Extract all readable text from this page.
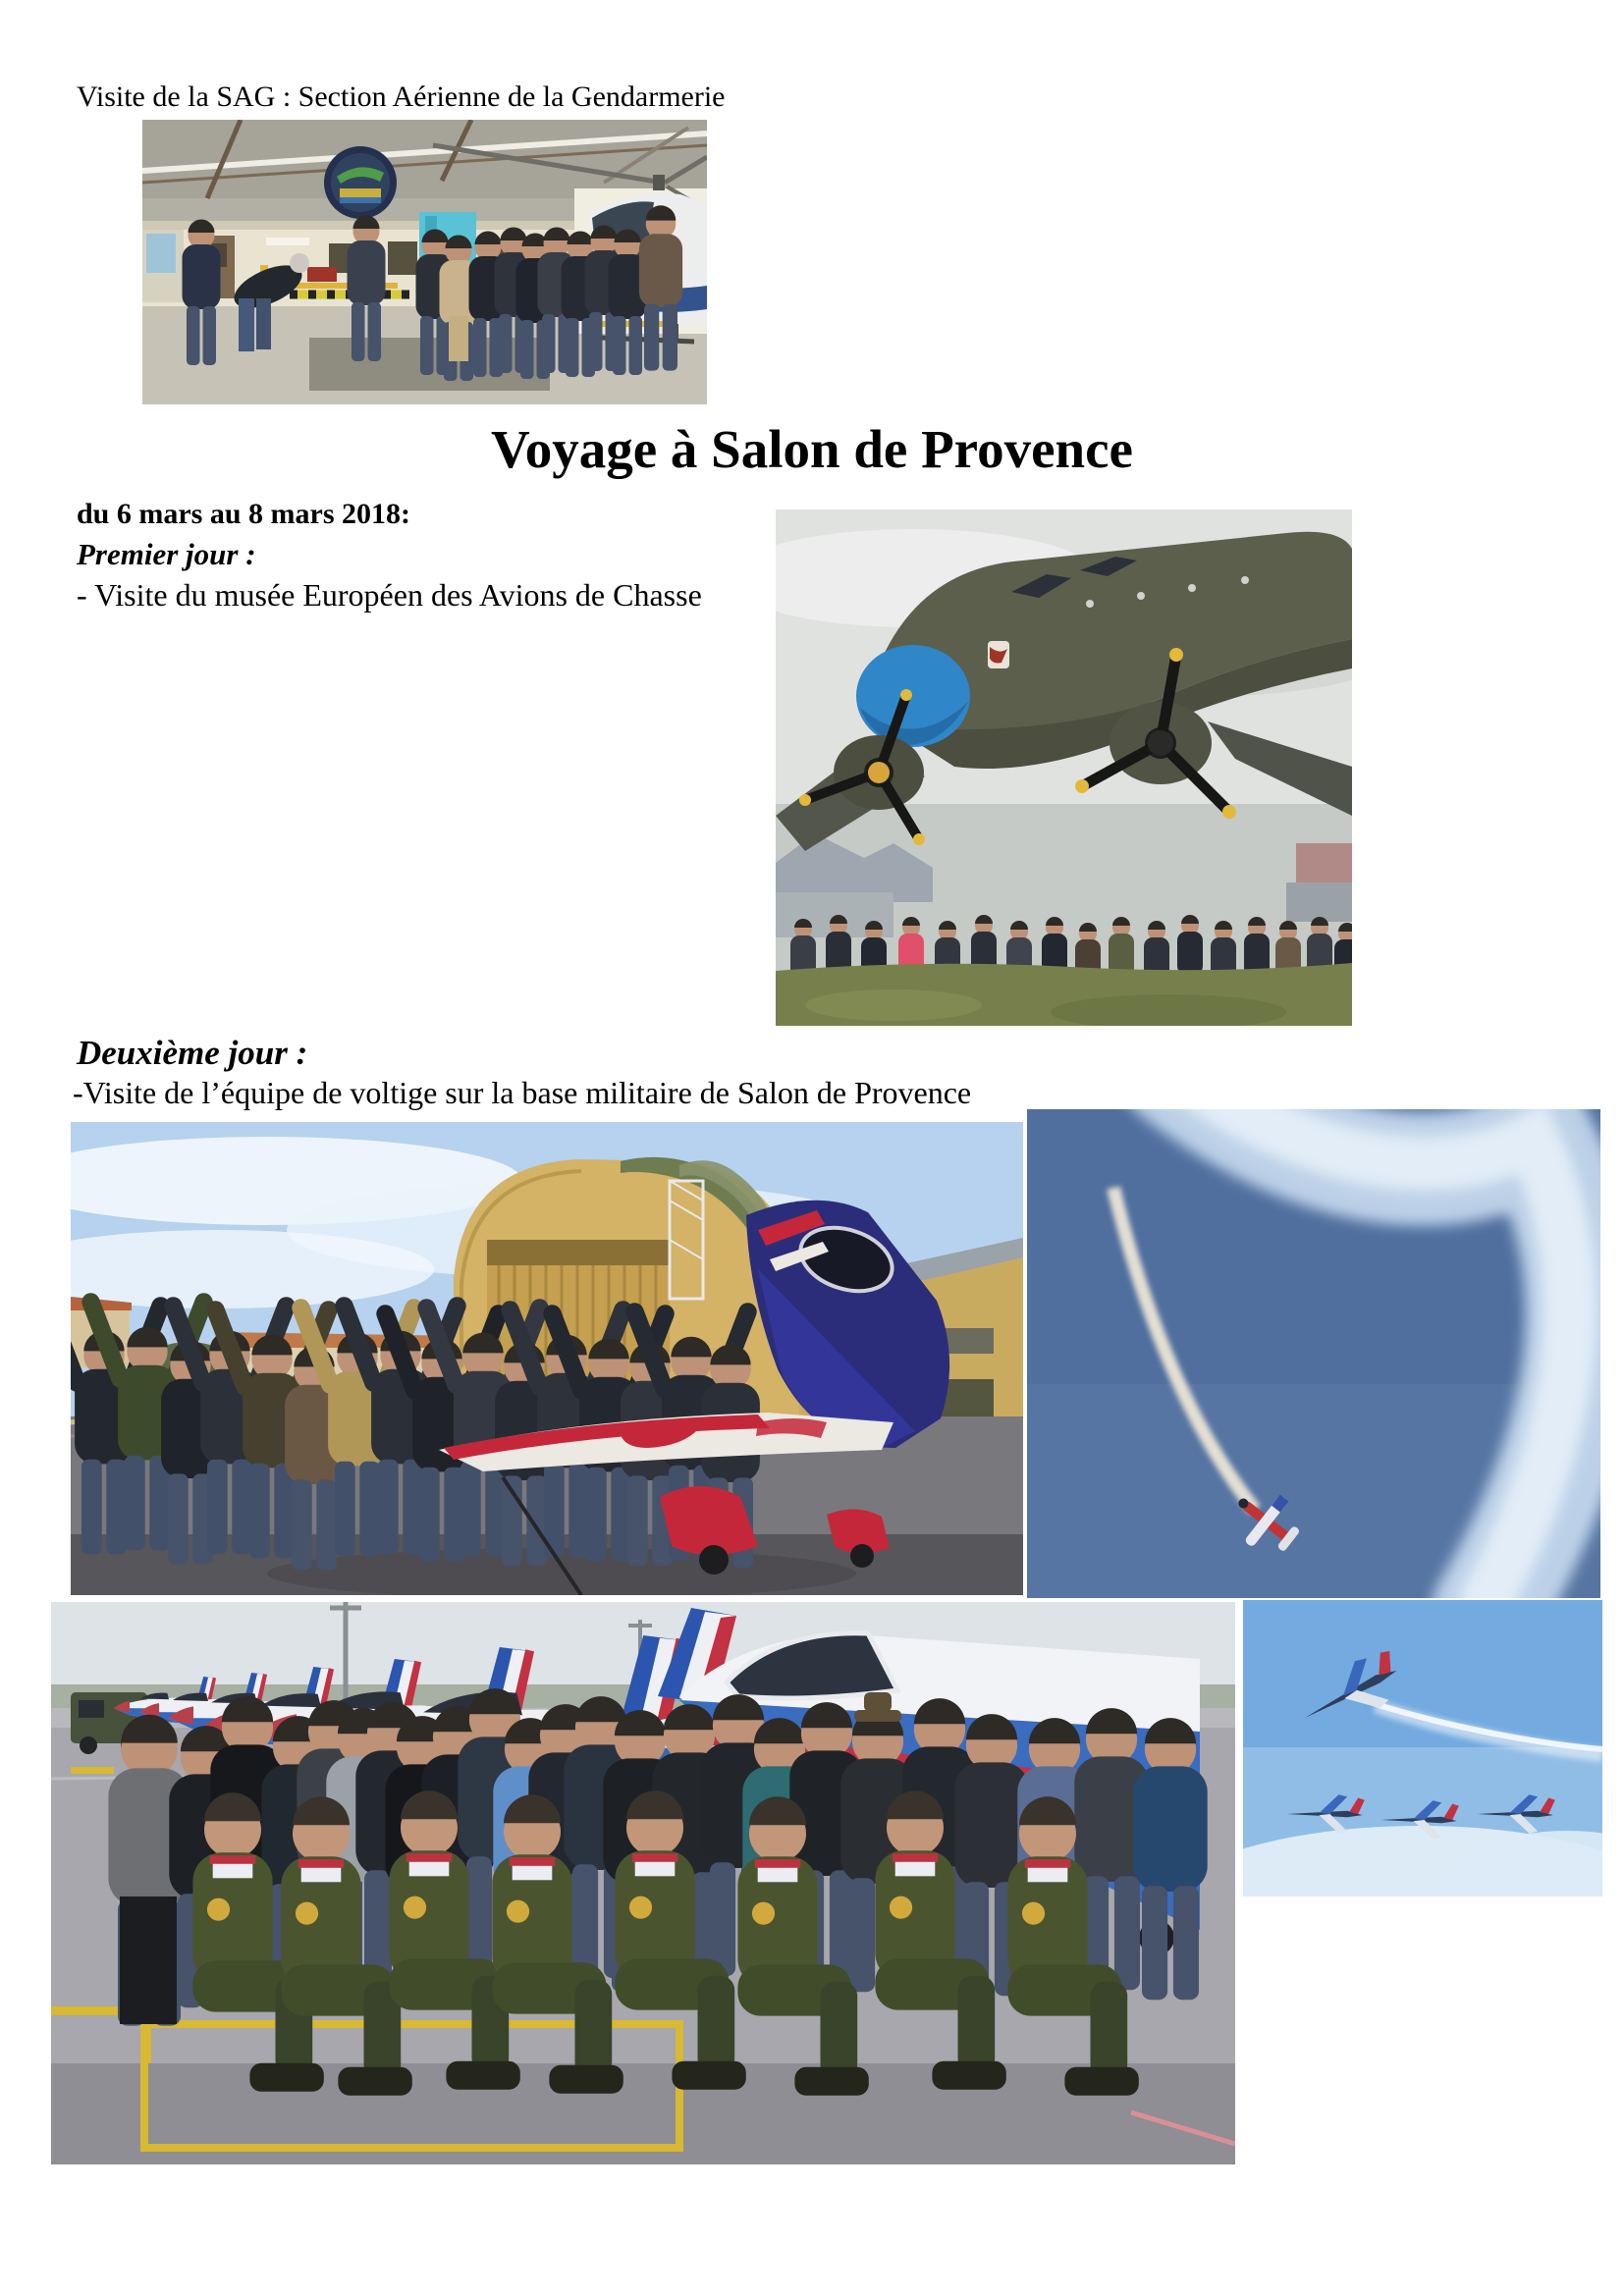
Visite de la SAG : Section Aérienne de la Gendarmerie
Voyage à Salon de Provence
du 6 mars au 8 mars 2018:
Premier jour :
- Visite du musée Européen des Avions de Chasse
Deuxième jour :
-Visite de l’équipe de voltige sur la base militaire de Salon de Provence
